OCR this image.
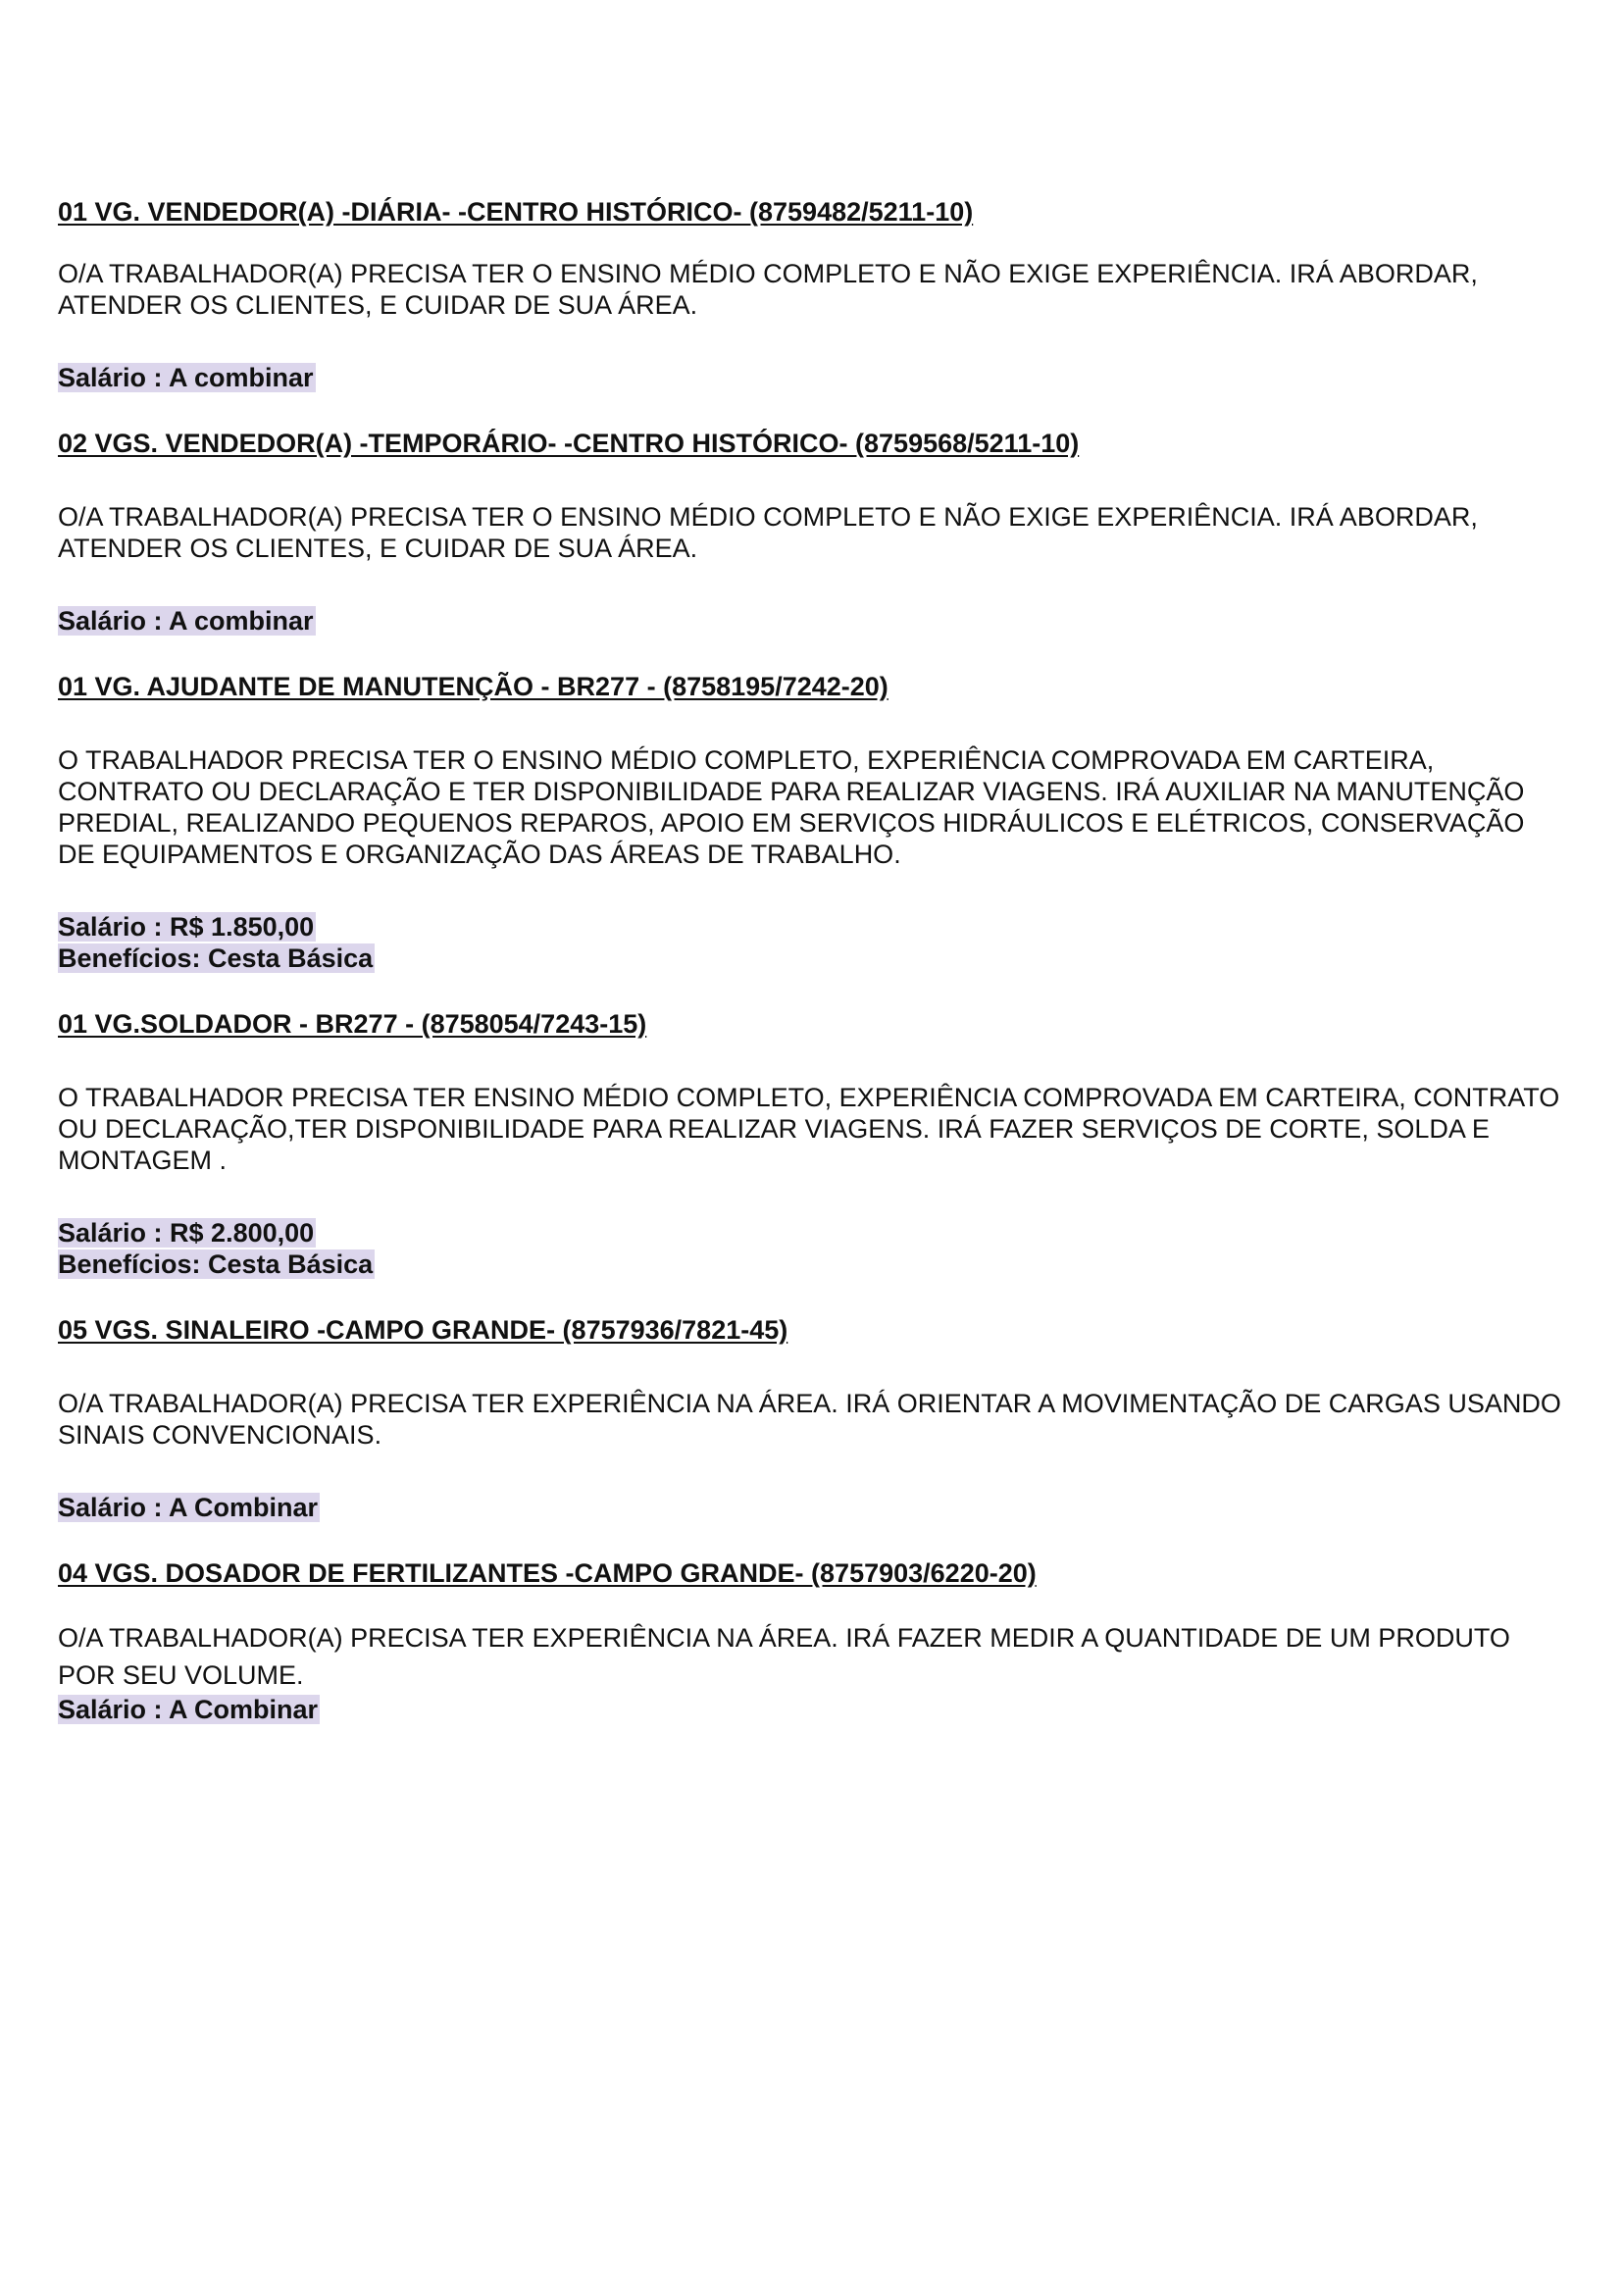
01 VG. VENDEDOR(A) -DIÁRIA- -CENTRO HISTÓRICO- (8759482/5211-10)

O/A TRABALHADOR(A) PRECISA TER O ENSINO MÉDIO COMPLETO E NÃO EXIGE EXPERIÊNCIA. IRÁ ABORDAR, ATENDER OS CLIENTES, E CUIDAR DE SUA ÁREA.

Salário : A combinar

02 VGS. VENDEDOR(A) -TEMPORÁRIO- -CENTRO HISTÓRICO- (8759568/5211-10)

O/A TRABALHADOR(A) PRECISA TER O ENSINO MÉDIO COMPLETO E NÃO EXIGE EXPERIÊNCIA. IRÁ ABORDAR, ATENDER OS CLIENTES, E CUIDAR DE SUA ÁREA.

Salário : A combinar

01 VG. AJUDANTE DE MANUTENÇÃO - BR277 - (8758195/7242-20)

O TRABALHADOR PRECISA TER O ENSINO MÉDIO COMPLETO, EXPERIÊNCIA COMPROVADA EM CARTEIRA, CONTRATO OU DECLARAÇÃO E TER DISPONIBILIDADE PARA REALIZAR VIAGENS. IRÁ AUXILIAR NA MANUTENÇÃO PREDIAL, REALIZANDO PEQUENOS REPAROS, APOIO EM SERVIÇOS HIDRÁULICOS E ELÉTRICOS, CONSERVAÇÃO DE EQUIPAMENTOS E ORGANIZAÇÃO DAS ÁREAS DE TRABALHO.

Salário : R$ 1.850,00

Benefícios: Cesta Básica

01 VG.SOLDADOR - BR277 - (8758054/7243-15)

O TRABALHADOR PRECISA TER ENSINO MÉDIO COMPLETO, EXPERIÊNCIA COMPROVADA EM CARTEIRA, CONTRATO OU DECLARAÇÃO,TER DISPONIBILIDADE PARA REALIZAR VIAGENS. IRÁ FAZER SERVIÇOS DE CORTE, SOLDA E MONTAGEM .

Salário : R$ 2.800,00

Benefícios: Cesta Básica

05 VGS. SINALEIRO -CAMPO GRANDE- (8757936/7821-45)

O/A TRABALHADOR(A) PRECISA TER EXPERIÊNCIA NA ÁREA. IRÁ ORIENTAR A MOVIMENTAÇÃO DE CARGAS USANDO SINAIS CONVENCIONAIS.

Salário : A Combinar

04 VGS. DOSADOR DE FERTILIZANTES -CAMPO GRANDE- (8757903/6220-20)

O/A TRABALHADOR(A) PRECISA TER EXPERIÊNCIA NA ÁREA. IRÁ FAZER MEDIR A QUANTIDADE DE UM PRODUTO POR SEU VOLUME.

Salário : A Combinar
